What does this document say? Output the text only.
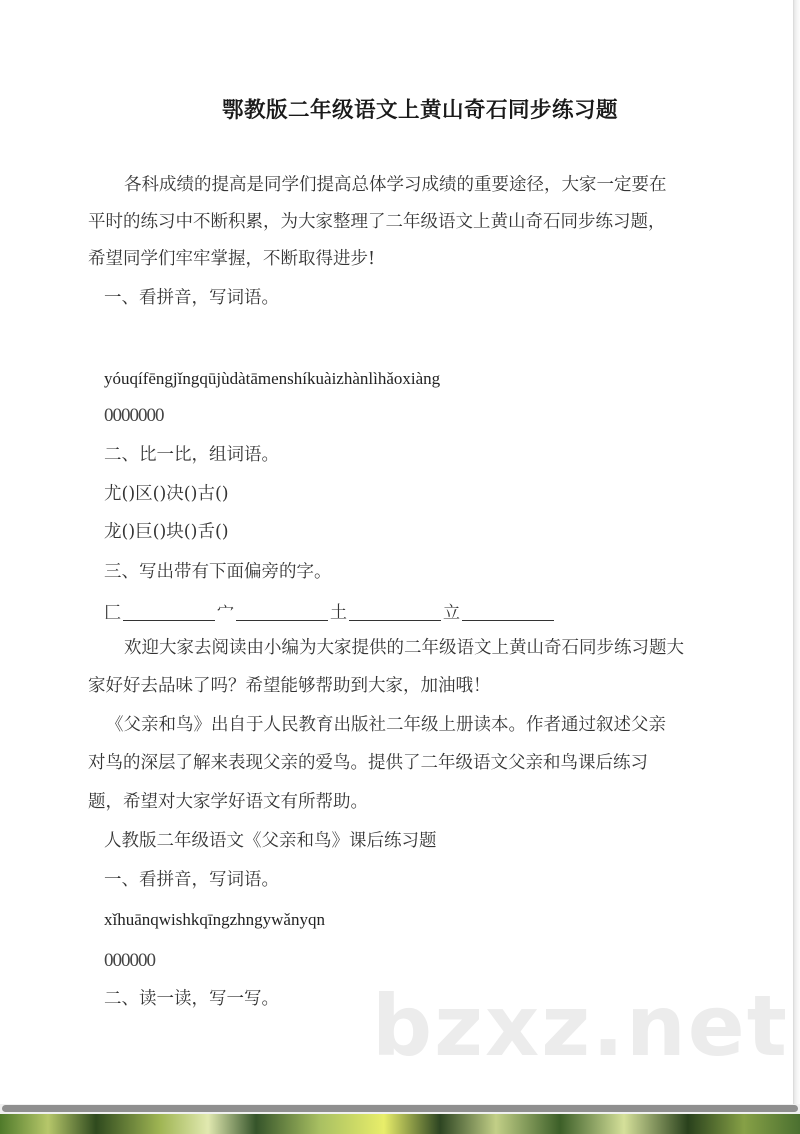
鄂教版二年级语文上黄山奇石同步练习题
各科成绩的提高是同学们提高总体学习成绩的重要途径，大家一定要在
平时的练习中不断积累，为大家整理了二年级语文上黄山奇石同步练习题，
希望同学们牢牢掌握，不断取得进步!
一、看拼音，写词语。
yóuqífēngjǐngqūjùdàtāmenshíkuàizhànlìhǎoxiàng
0000000
二、比一比，组词语。
尤()区()决()古()
龙()巨()块()舌()
三、写出带有下面偏旁的字。
匚	宀	土	立
欢迎大家去阅读由小编为大家提供的二年级语文上黄山奇石同步练习题大
家好好去品味了吗？希望能够帮助到大家，加油哦！
《父亲和鸟》出自于人民教育出版社二年级上册读本。作者通过叙述父亲
对鸟的深层了解来表现父亲的爱鸟。提供了二年级语文父亲和鸟课后练习
题，希望对大家学好语文有所帮助。
人教版二年级语文《父亲和鸟》课后练习题
一、看拼音，写词语。
xǐhuānqwishkqīngzhngywǎnyqn
000000
二、读一读，写一写。 bzxz.net
